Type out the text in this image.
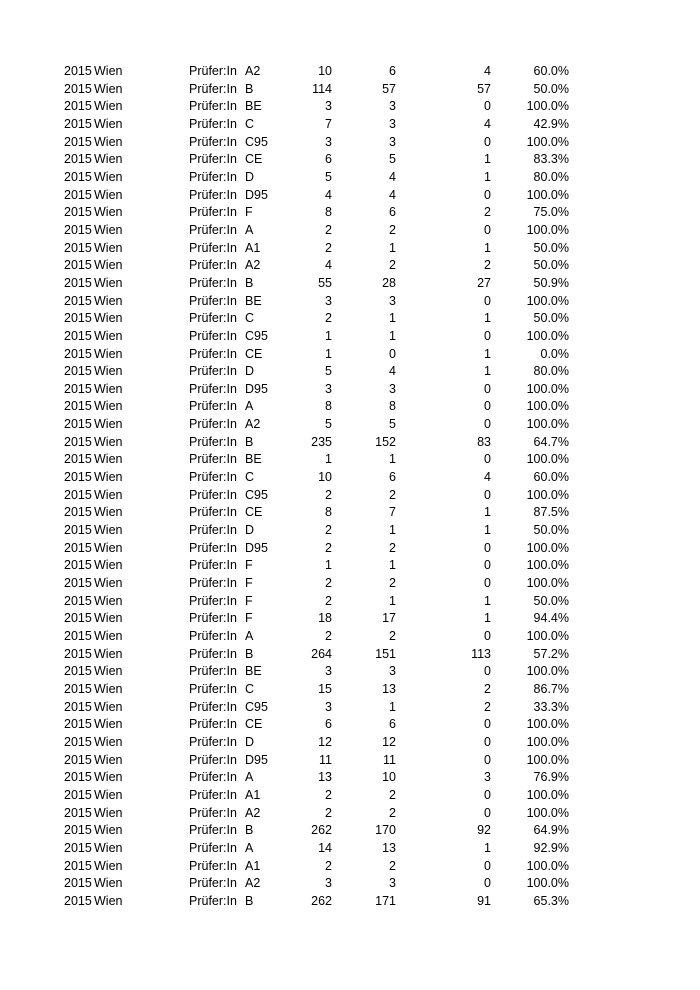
2015 Wien	Prüfer:In A2	10	6	4	60.0%
2015 Wien	Prüfer:In B	114	57	57	50.0%
2015 Wien	Prüfer:In BE	3	3	0	100.0%
2015 Wien	Prüfer:In C	7	3	4	42.9%
2015 Wien	Prüfer:In C95	3	3	0	100.0%
2015 Wien	Prüfer:In CE	6	5	1	83.3%
2015 Wien	Prüfer:In D	5	4	1	80.0%
2015 Wien	Prüfer:In D95	4	4	0	100.0%
2015 Wien	Prüfer:In F	8	6	2	75.0%
2015 Wien	Prüfer:In A	2	2	0	100.0%
2015 Wien	Prüfer:In A1	2	1	1	50.0%
2015 Wien	Prüfer:In A2	4	2	2	50.0%
2015 Wien	Prüfer:In B	55	28	27	50.9%
2015 Wien	Prüfer:In BE	3	3	0	100.0%
2015 Wien	Prüfer:In C	2	1	1	50.0%
2015 Wien	Prüfer:In C95	1	1	0	100.0%
2015 Wien	Prüfer:In CE	1	0	1	0.0%
2015 Wien	Prüfer:In D	5	4	1	80.0%
2015 Wien	Prüfer:In D95	3	3	0	100.0%
2015 Wien	Prüfer:In A	8	8	0	100.0%
2015 Wien	Prüfer:In A2	5	5	0	100.0%
2015 Wien	Prüfer:In B	235	152	83	64.7%
2015 Wien	Prüfer:In BE	1	1	0	100.0%
2015 Wien	Prüfer:In C	10	6	4	60.0%
2015 Wien	Prüfer:In C95	2	2	0	100.0%
2015 Wien	Prüfer:In CE	8	7	1	87.5%
2015 Wien	Prüfer:In D	2	1	1	50.0%
2015 Wien	Prüfer:In D95	2	2	0	100.0%
2015 Wien	Prüfer:In F	1	1	0	100.0%
2015 Wien	Prüfer:In F	2	2	0	100.0%
2015 Wien	Prüfer:In F	2	1	1	50.0%
2015 Wien	Prüfer:In F	18	17	1	94.4%
2015 Wien	Prüfer:In A	2	2	0	100.0%
2015 Wien	Prüfer:In B	264	151	113	57.2%
2015 Wien	Prüfer:In BE	3	3	0	100.0%
2015 Wien	Prüfer:In C	15	13	2	86.7%
2015 Wien	Prüfer:In C95	3	1	2	33.3%
2015 Wien	Prüfer:In CE	6	6	0	100.0%
2015 Wien	Prüfer:In D	12	12	0	100.0%
2015 Wien	Prüfer:In D95	11	11	0	100.0%
2015 Wien	Prüfer:In A	13	10	3	76.9%
2015 Wien	Prüfer:In A1	2	2	0	100.0%
2015 Wien	Prüfer:In A2	2	2	0	100.0%
2015 Wien	Prüfer:In B	262	170	92	64.9%
2015 Wien	Prüfer:In A	14	13	1	92.9%
2015 Wien	Prüfer:In A1	2	2	0	100.0%
2015 Wien	Prüfer:In A2	3	3	0	100.0%
2015 Wien	Prüfer:In B	262	171	91	65.3%
